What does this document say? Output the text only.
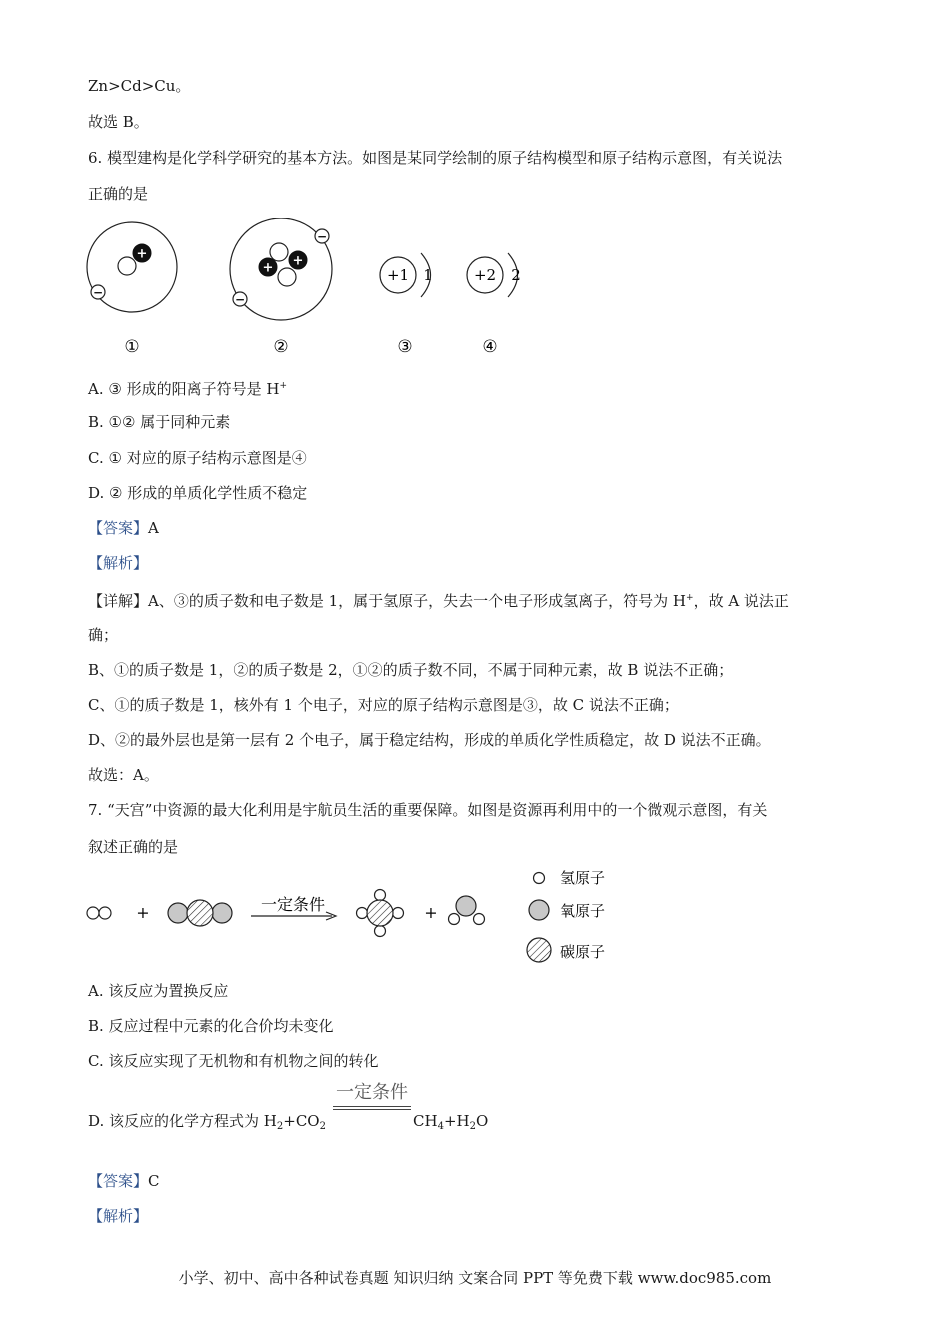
Zn>Cd>Cu。
故选 B。
6. 模型建构是化学科学研究的基本方法。如图是某同学绘制的原子结构模型和原子结构示意图，有关说法
正确的是
+
−
+ +
−
−
+1 1	+2 2
①	②	③	④
A. ③ 形成的阳离子符号是 H+
B. ①② 属于同种元素
C. ① 对应的原子结构示意图是④
D. ② 形成的单质化学性质不稳定
【答案】A
【解析】
【详解】A、③的质子数和电子数是 1，属于氢原子，失去一个电子形成氢离子，符号为 H+，故 A 说法正
确；
B、①的质子数是 1，②的质子数是 2，①②的质子数不同，不属于同种元素，故 B 说法不正确；
C、①的质子数是 1，核外有 1 个电子，对应的原子结构示意图是③，故 C 说法不正确；
D、②的最外层也是第一层有 2 个电子，属于稳定结构，形成的单质化学性质稳定，故 D 说法不正确。
故选：A。
7. “天宫”中资源的最大化利用是宇航员生活的重要保障。如图是资源再利用中的一个微观示意图，有关
叙述正确的是
+	一定条件	+
氢原子
氧原子
碳原子
A. 该反应为置换反应
B. 反应过程中元素的化合价均未变化
C. 该反应实现了无机物和有机物之间的转化
D. 该反应的化学方程式为 $H_2+CO_2$
一定条件
$CH_4+H_2O$
【答案】C
【解析】
小学、初中、高中各种试卷真题 知识归纳 文案合同 PPT 等免费下载 www.doc985.com
